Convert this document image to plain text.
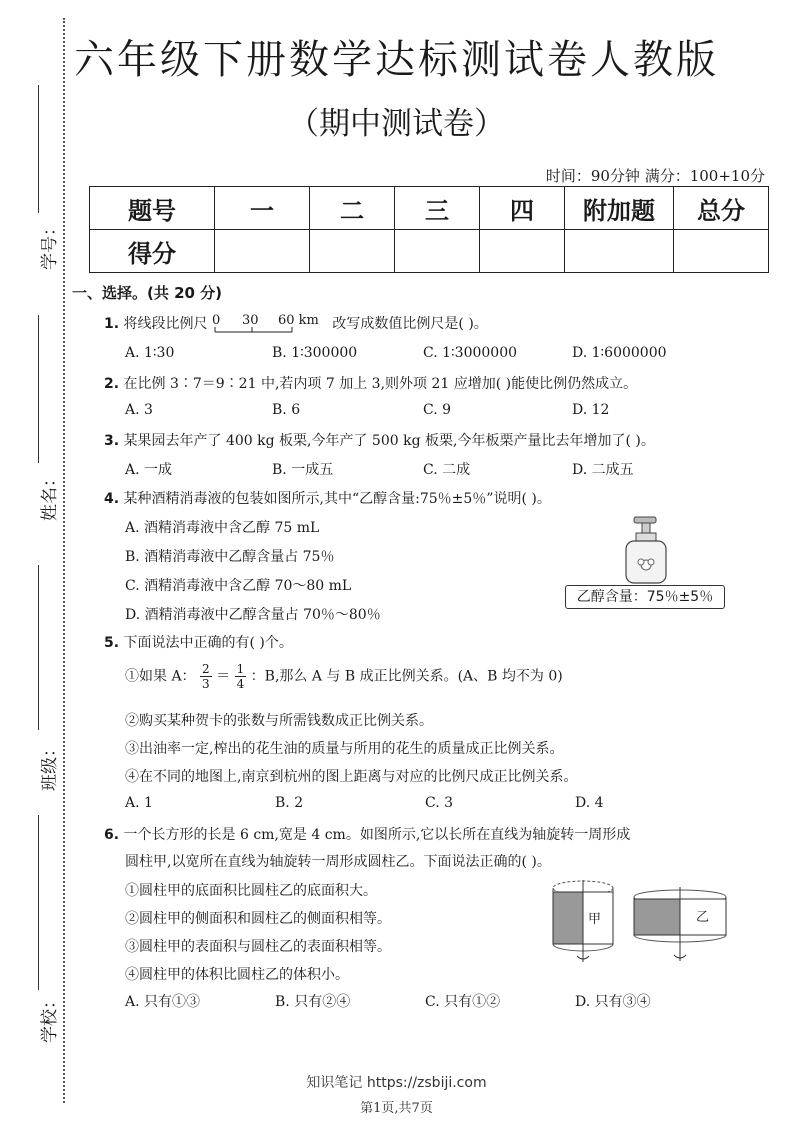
学号：
姓名：
班级：
学校：
六年级下册数学达标测试卷人教版
（期中测试卷）
时间：90分钟 满分：100+10分
题号	一	二	三	四	附加题	总分
得分						
一、选择。(共 20 分)
1. 将线段比例尺 0 30 60 km 改写成数值比例尺是( )。
A. 1∶30	B. 1∶300000	C. 1∶3000000	D. 1∶6000000
2. 在比例 3∶7＝9∶21 中,若内项 7 加上 3,则外项 21 应增加( )能使比例仍然成立。
A. 3	B. 6	C. 9	D. 12
3. 某果园去年产了 400 kg 板栗,今年产了 500 kg 板栗,今年板栗产量比去年增加了( )。
A. 一成	B. 一成五	C. 二成	D. 二成五
4. 某种酒精消毒液的包装如图所示,其中“乙醇含量:75％±5％”说明( )。
A. 酒精消毒液中含乙醇 75 mL
B. 酒精消毒液中乙醇含量占 75％
C. 酒精消毒液中含乙醇 70～80 mL
D. 酒精消毒液中乙醇含量占 70％～80％
乙醇含量：75％±5％
5. 下面说法中正确的有( )个。
①如果 A： $\frac{2}{3} = \frac{1}{4}$ ：B,那么 A 与 B 成正比例关系。(A、B 均不为 0)
②购买某种贺卡的张数与所需钱数成正比例关系。
③出油率一定,榨出的花生油的质量与所用的花生的质量成正比例关系。
④在不同的地图上,南京到杭州的图上距离与对应的比例尺成正比例关系。
A. 1	B. 2	C. 3	D. 4
6. 一个长方形的长是 6 cm,宽是 4 cm。如图所示,它以长所在直线为轴旋转一周形成
圆柱甲,以宽所在直线为轴旋转一周形成圆柱乙。下面说法正确的( )。
①圆柱甲的底面积比圆柱乙的底面积大。
②圆柱甲的侧面积和圆柱乙的侧面积相等。
③圆柱甲的表面积与圆柱乙的表面积相等。
④圆柱甲的体积比圆柱乙的体积小。
A. 只有①③	B. 只有②④	C. 只有①②	D. 只有③④
甲	乙
知识笔记 https://zsbiji.com
第1页,共7页
